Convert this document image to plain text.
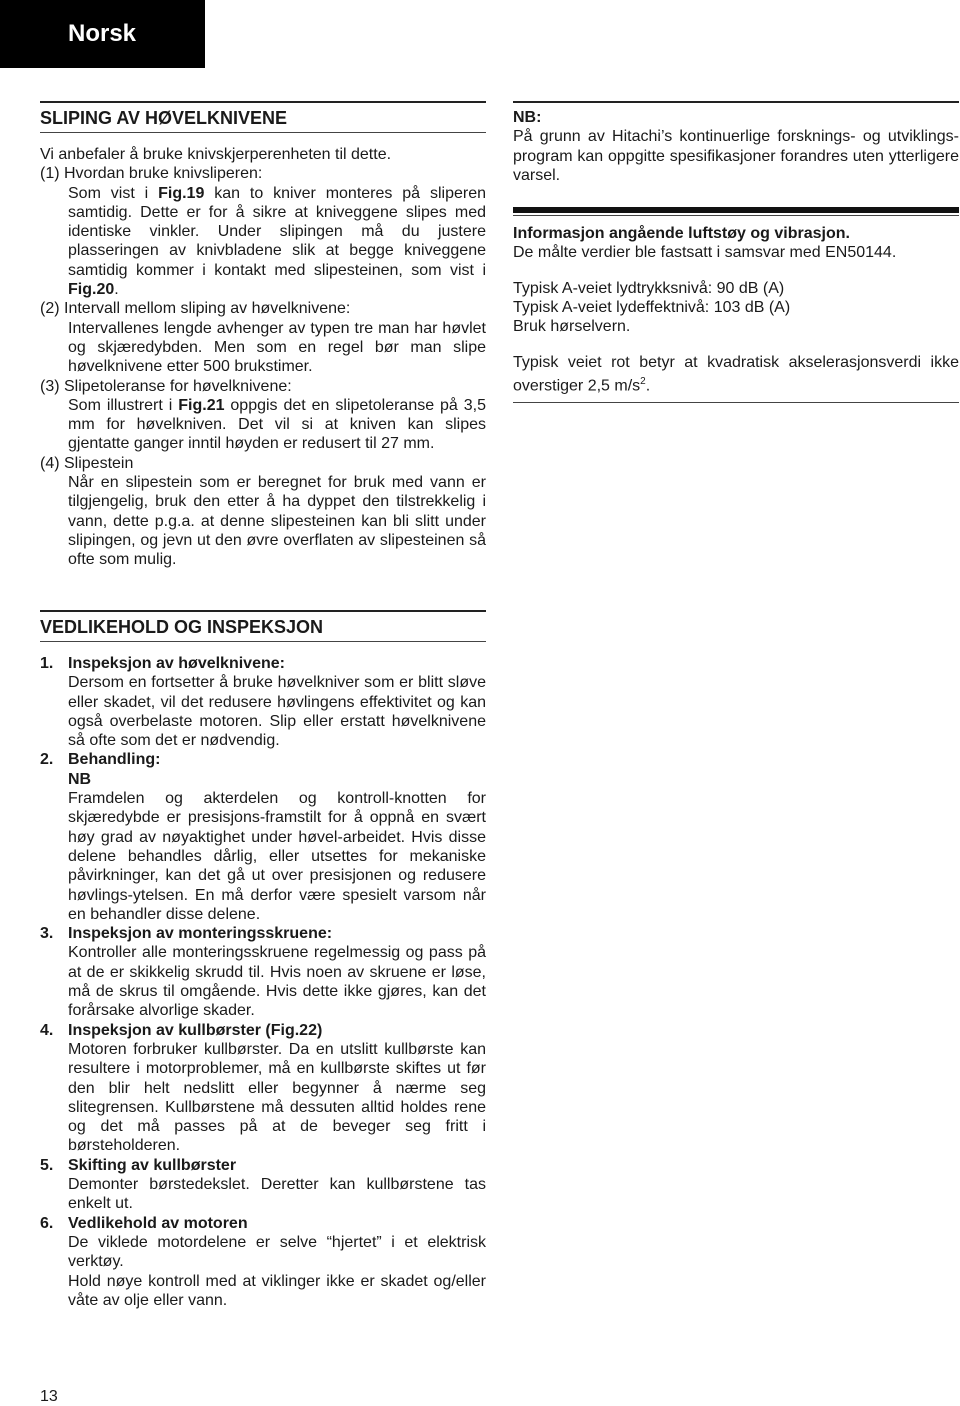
Norsk
SLIPING AV HØVELKNIVENE

Vi anbefaler å bruke knivskjerperenheten til dette.

(1) Hvordan bruke knivsliperen:

Som vist i Fig.19 kan to kniver monteres på sliperen samtidig. Dette er for å sikre at kniveggene slipes med identiske vinkler. Under slipingen må du justere plasseringen av knivbladene slik at begge kniveggene samtidig kommer i kontakt med slipesteinen, som vist i Fig.20.

(2) Intervall mellom sliping av høvelknivene:

Intervallenes lengde avhenger av typen tre man har høvlet og skjæredybden. Men som en regel bør man slipe høvelknivene etter 500 brukstimer.

(3) Slipetoleranse for høvelknivene:

Som illustrert i Fig.21 oppgis det en slipetoleranse på 3,5 mm for høvelkniven. Det vil si at kniven kan slipes gjentatte ganger inntil høyden er redusert til 27 mm.

(4) Slipestein

Når en slipestein som er beregnet for bruk med vann er tilgjengelig, bruk den etter å ha dyppet den tilstrekkelig i vann, dette p.g.a. at denne slipesteinen kan bli slitt under slipingen, og jevn ut den øvre overflaten av slipesteinen så ofte som mulig.

VEDLIKEHOLD OG INSPEKSJON
1. Inspeksjon av høvelknivene:

Dersom en fortsetter å bruke høvelkniver som er blitt sløve eller skadet, vil det redusere høvlingens effektivitet og kan også overbelaste motoren. Slip eller erstatt høvelknivene så ofte som det er nødvendig.

2. Behandling:
NB

Framdelen og akterdelen og kontroll-knotten for skjæredybde er presisjons-framstilt for å oppnå en svært høy grad av nøyaktighet under høvel-arbeidet. Hvis disse delene behandles dårlig, eller utsettes for mekaniske påvirkninger, kan det gå ut over presisjonen og redusere høvlings-ytelsen. En må derfor være spesielt varsom når en behandler disse delene.

3. Inspeksjon av monteringsskruene:

Kontroller alle monteringsskruene regelmessig og pass på at de er skikkelig skrudd til. Hvis noen av skruene er løse, må de skrus til omgående. Hvis dette ikke gjøres, kan det forårsake alvorlige skader.

4. Inspeksjon av kullbørster (Fig.22)

Motoren forbruker kullbørster. Da en utslitt kullbørste kan resultere i motorproblemer, må en kullbørste skiftes ut før den blir helt nedslitt eller begynner å nærme seg slitegrensen. Kullbørstene må dessuten alltid holdes rene og det må passes på at de beveger seg fritt i børsteholderen.

5. Skifting av kullbørster

Demonter børstedekslet. Deretter kan kullbørstene tas enkelt ut.

6. Vedlikehold av motoren

De viklede motordelene er selve “hjertet” i et elektrisk verktøy.

Hold nøye kontroll med at viklinger ikke er skadet og/eller våte av olje eller vann.

NB:

På grunn av Hitachi’s kontinuerlige forsknings- og utviklings-program kan oppgitte spesifikasjoner forandres uten ytterligere varsel.

Informasjon angående luftstøy og vibrasjon.

De målte verdier ble fastsatt i samsvar med EN50144.

Typisk A-veiet lydtrykksnivå: 90 dB (A)

Typisk A-veiet lydeffektnivå: 103 dB (A)

Bruk hørselvern.

Typisk veiet rot betyr at kvadratisk akselerasjonsverdi ikke overstiger 2,5 $m/s^2$.

13
